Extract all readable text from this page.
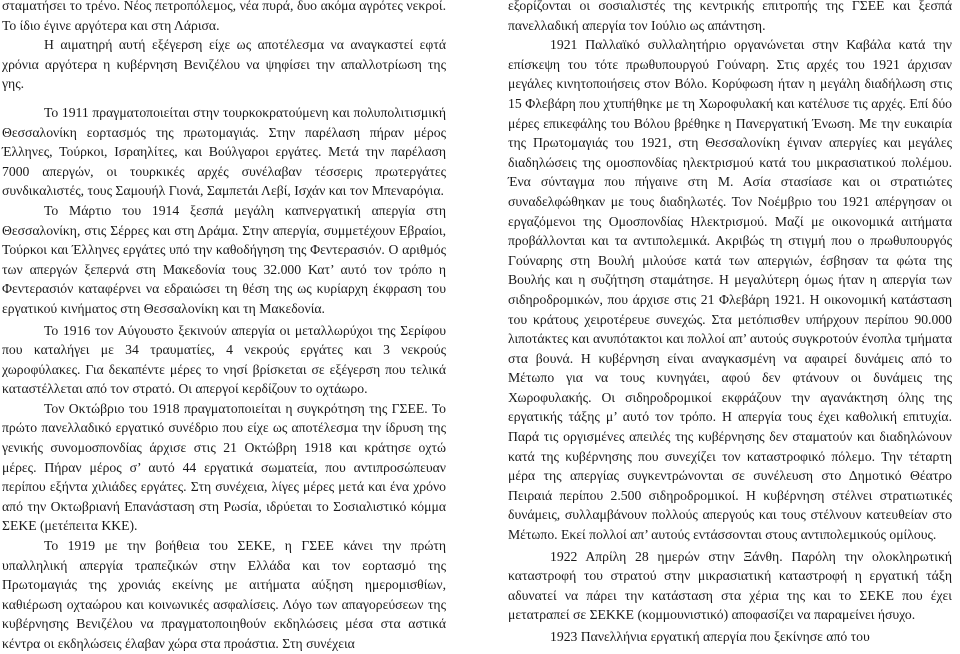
σταματήσει το τρένο. Νέος πετροπόλεμος, νέα πυρά, δυο ακόμα αγρότες νεκροί. Το ίδιο έγινε αργότερα και στη Λάρισα.

Η αιματηρή αυτή εξέγερση είχε ως αποτέλεσμα να αναγκαστεί εφτά χρόνια αργότερα η κυβέρνηση Βενιζέλου να ψηφίσει την απαλλοτρίωση της γης.

Το 1911 πραγματοποιείται στην τουρκοκρατούμενη και πολυπολιτισμική Θεσσαλονίκη εορτασμός της πρωτομαγιάς. Στην παρέλαση πήραν μέρος Έλληνες, Τούρκοι, Ισραηλίτες, και Βούλγαροι εργάτες. Μετά την παρέλαση 7000 απεργών, οι τουρκικές αρχές συνέλαβαν τέσσερις πρωτεργάτες συνδικαλιστές, τους Σαμουήλ Γιονά, Σαμπετάι Λεβί, Ισχάν και τον Μπεναρόγια.

Το Μάρτιο του 1914 ξεσπά μεγάλη καπνεργατική απεργία στη Θεσσαλονίκη, στις Σέρρες και στη Δράμα. Στην απεργία, συμμετέχουν Εβραίοι, Τούρκοι και Έλληνες εργάτες υπό την καθοδήγηση της Φεντερασιόν. Ο αριθμός των απεργών ξεπερνά στη Μακεδονία τους 32.000 Κατ’ αυτό τον τρόπο η Φεντερασιόν καταφέρνει να εδραιώσει τη θέση της ως κυρίαρχη έκφραση του εργατικού κινήματος στη Θεσσαλονίκη και τη Μακεδονία.

Το 1916 τον Αύγουστο ξεκινούν απεργία οι μεταλλωρύχοι της Σερίφου που καταλήγει με 34 τραυματίες, 4 νεκρούς εργάτες και 3 νεκρούς χωροφύλακες. Για δεκαπέντε μέρες το νησί βρίσκεται σε εξέγερση που τελικά καταστέλλεται από τον στρατό. Οι απεργοί κερδίζουν το οχτάωρο.

Τον Οκτώβριο του 1918 πραγματοποιείται η συγκρότηση της ΓΣΕΕ. Το πρώτο πανελλαδικό εργατικό συνέδριο που είχε ως αποτέλεσμα την ίδρυση της γενικής συνομοσπονδίας άρχισε στις 21 Οκτώβρη 1918 και κράτησε οχτώ μέρες. Πήραν μέρος σ’ αυτό 44 εργατικά σωματεία, που αντιπροσώπευαν περίπου εξήντα χιλιάδες εργάτες. Στη συνέχεια, λίγες μέρες μετά και ένα χρόνο από την Οκτωβριανή Επανάσταση στη Ρωσία, ιδρύεται το Σοσιαλιστικό κόμμα ΣΕΚΕ (μετέπειτα ΚΚΕ).

Το 1919 με την βοήθεια του ΣΕΚΕ, η ΓΣΕΕ κάνει την πρώτη υπαλληλική απεργία τραπεζικών στην Ελλάδα και τον εορτασμό της Πρωτομαγιάς της χρονιάς εκείνης με αιτήματα αύξηση ημερομισθίων, καθιέρωση οχταώρου και κοινωνικές ασφαλίσεις. Λόγο των απαγορεύσεων της κυβέρνησης Βενιζέλου να πραγματοποιηθούν εκδηλώσεις μέσα στα αστικά κέντρα οι εκδηλώσεις έλαβαν χώρα στα προάστια. Στη συνέχεια

εξορίζονται οι σοσιαλιστές της κεντρικής επιτροπής της ΓΣΕΕ και ξεσπά πανελλαδική απεργία τον Ιούλιο ως απάντηση.

1921 Παλλαϊκό συλλαλητήριο οργανώνεται στην Καβάλα κατά την επίσκεψη του τότε πρωθυπουργού Γούναρη. Στις αρχές του 1921 άρχισαν μεγάλες κινητοποιήσεις στον Βόλο. Κορύφωση ήταν η μεγάλη διαδήλωση στις 15 Φλεβάρη που χτυπήθηκε με τη Χωροφυλακή και κατέλυσε τις αρχές. Επί δύο μέρες επικεφάλης του Βόλου βρέθηκε η Πανεργατική Ένωση. Με την ευκαιρία της Πρωτομαγιάς του 1921, στη Θεσσαλονίκη έγιναν απεργίες και μεγάλες διαδηλώσεις της ομοσπονδίας ηλεκτρισμού κατά του μικρασιατικού πολέμου. Ένα σύνταγμα που πήγαινε στη Μ. Ασία στασίασε και οι στρατιώτες συναδελφώθηκαν με τους διαδηλωτές. Τον Νοέμβριο του 1921 απέργησαν οι εργαζόμενοι της Ομοσπονδίας Ηλεκτρισμού. Μαζί με οικονομικά αιτήματα προβάλλονται και τα αντιπολεμικά. Ακριβώς τη στιγμή που ο πρωθυπουργός Γούναρης στη Βουλή μιλούσε κατά των απεργιών, έσβησαν τα φώτα της Βουλής και η συζήτηση σταμάτησε. Η μεγαλύτερη όμως ήταν η απεργία των σιδηροδρομικών, που άρχισε στις 21 Φλεβάρη 1921. Η οικονομική κατάσταση του κράτους χειροτέρευε συνεχώς. Στα μετόπισθεν υπήρχουν περίπου 90.000 λιποτάκτες και ανυπότακτοι και πολλοί απ’ αυτούς συγκροτούν ένοπλα τμήματα στα βουνά. Η κυβέρνηση είναι αναγκασμένη να αφαιρεί δυνάμεις από το Μέτωπο για να τους κυνηγάει, αφού δεν φτάνουν οι δυνάμεις της Χωροφυλακής. Οι σιδηροδρομικοί εκφράζουν την αγανάκτηση όλης της εργατικής τάξης μ’ αυτό τον τρόπο. Η απεργία τους έχει καθολική επιτυχία. Παρά τις οργισμένες απειλές της κυβέρνησης δεν σταματούν και διαδηλώνουν κατά της κυβέρνησης που συνεχίζει τον καταστροφικό πόλεμο. Την τέταρτη μέρα της απεργίας συγκεντρώνονται σε συνέλευση στο Δημοτικό Θέατρο Πειραιά περίπου 2.500 σιδηροδρομικοί. Η κυβέρνηση στέλνει στρατιωτικές δυνάμεις, συλλαμβάνουν πολλούς απεργούς και τους στέλνουν κατευθείαν στο Μέτωπο. Εκεί πολλοί απ’ αυτούς εντάσσονται στους αντιπολεμικούς ομίλους.

1922 Απρίλη 28 ημερών στην Ξάνθη. Παρόλη την ολοκληρωτική καταστροφή του στρατού στην μικρασιατική καταστροφή η εργατική τάξη αδυνατεί να πάρει την κατάσταση στα χέρια της και το ΣΕΚΕ που έχει μετατραπεί σε ΣΕΚΚΕ (κομμουνιστικό) αποφασίζει να παραμείνει ήσυχο.

1923 Πανελλήνια εργατική απεργία που ξεκίνησε από του
